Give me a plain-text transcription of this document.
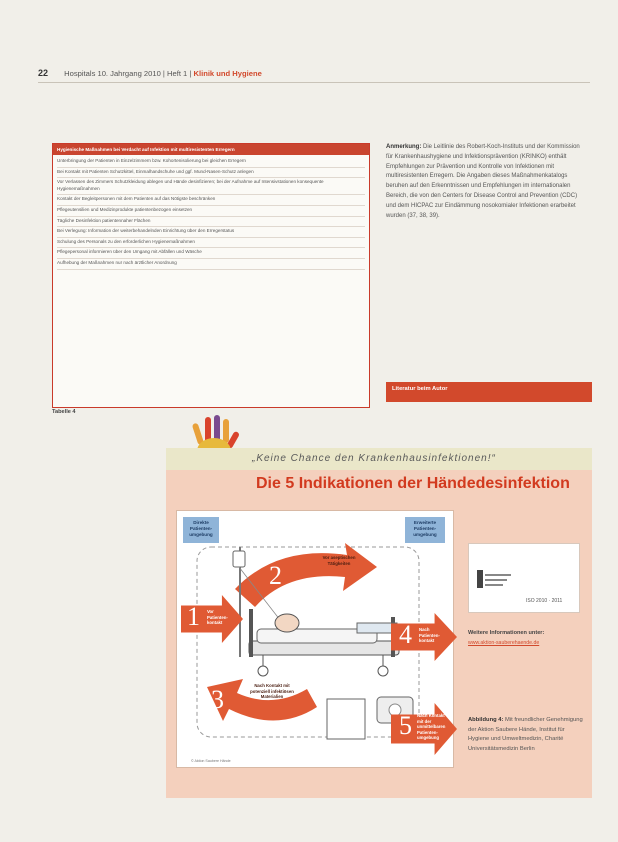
22 Hospitals 10. Jahrgang 2010 | Heft 1 | Klinik und Hygiene
Hygienische Maßnahmen bei Verdacht auf Infektion mit multiresistenten Erregern
Unterbringung der Patienten in Einzelzimmern bzw. Kohortenisolierung bei gleichen Erregern
Bei Kontakt mit Patienten Schutzkittel, Einmalhandschuhe und ggf. Mund-Nasen-Schutz anlegen
Vor Verlassen des Zimmers Schutzkleidung ablegen und Hände desinfizieren; bei der Aufnahme auf Intensivstationen konsequente Hygienemaßnahmen
Kontakt der Begleitpersonen mit dem Patienten auf das Nötigste beschränken
Pflegeutensilien und Medizinprodukte patientenbezogen einsetzen
Tägliche Desinfektion patientennaher Flächen
Bei Verlegung: Information der weiterbehandelnden Einrichtung über den Erregerstatus
Schulung des Personals zu den erforderlichen Hygienemaßnahmen
Pflegepersonal informieren über den Umgang mit Abfällen und Wäsche
Aufhebung der Maßnahmen nur nach ärztlicher Anordnung
Tabelle 4
Anmerkung: Die Leitlinie des Robert-Koch-Instituts und der Kommission für Krankenhaushygiene und Infektionsprävention (KRINKO) enthält Empfehlungen zur Prävention und Kontrolle von Infektionen mit multiresistenten Erregern. Die Angaben dieses Maßnahmenkatalogs beruhen auf den Erkenntnissen und Empfehlungen im internationalen Bereich, die von den Centers for Disease Control and Prevention (CDC) und dem HICPAC zur Eindämmung nosokomialer Infektionen erarbeitet wurden (37, 38, 39).
Literatur beim Autor
„Keine Chance den Krankenhausinfektionen!“
Die 5 Indikationen der Händedesinfektion
Direkte Patienten-umgebung
Erweiterte Patienten-umgebung
Vor aseptischen Tätigkeiten
2
1 Vor Patienten-kontakt
Nach Kontakt mit potenziell infektiösen Materialien
3
4 Nach Patienten-kontakt
5 Nach Kontakt mit der unmittelbaren Patienten-umgebung
© Aktion Saubere Hände
ISO 2010 · 2011
Weitere Informationen unter:
www.aktion-sauberehaende.de
Abbildung 4: Mit freundlicher Genehmigung der Aktion Saubere Hände, Institut für Hygiene und Umweltmedizin, Charité Universitätsmedizin Berlin
